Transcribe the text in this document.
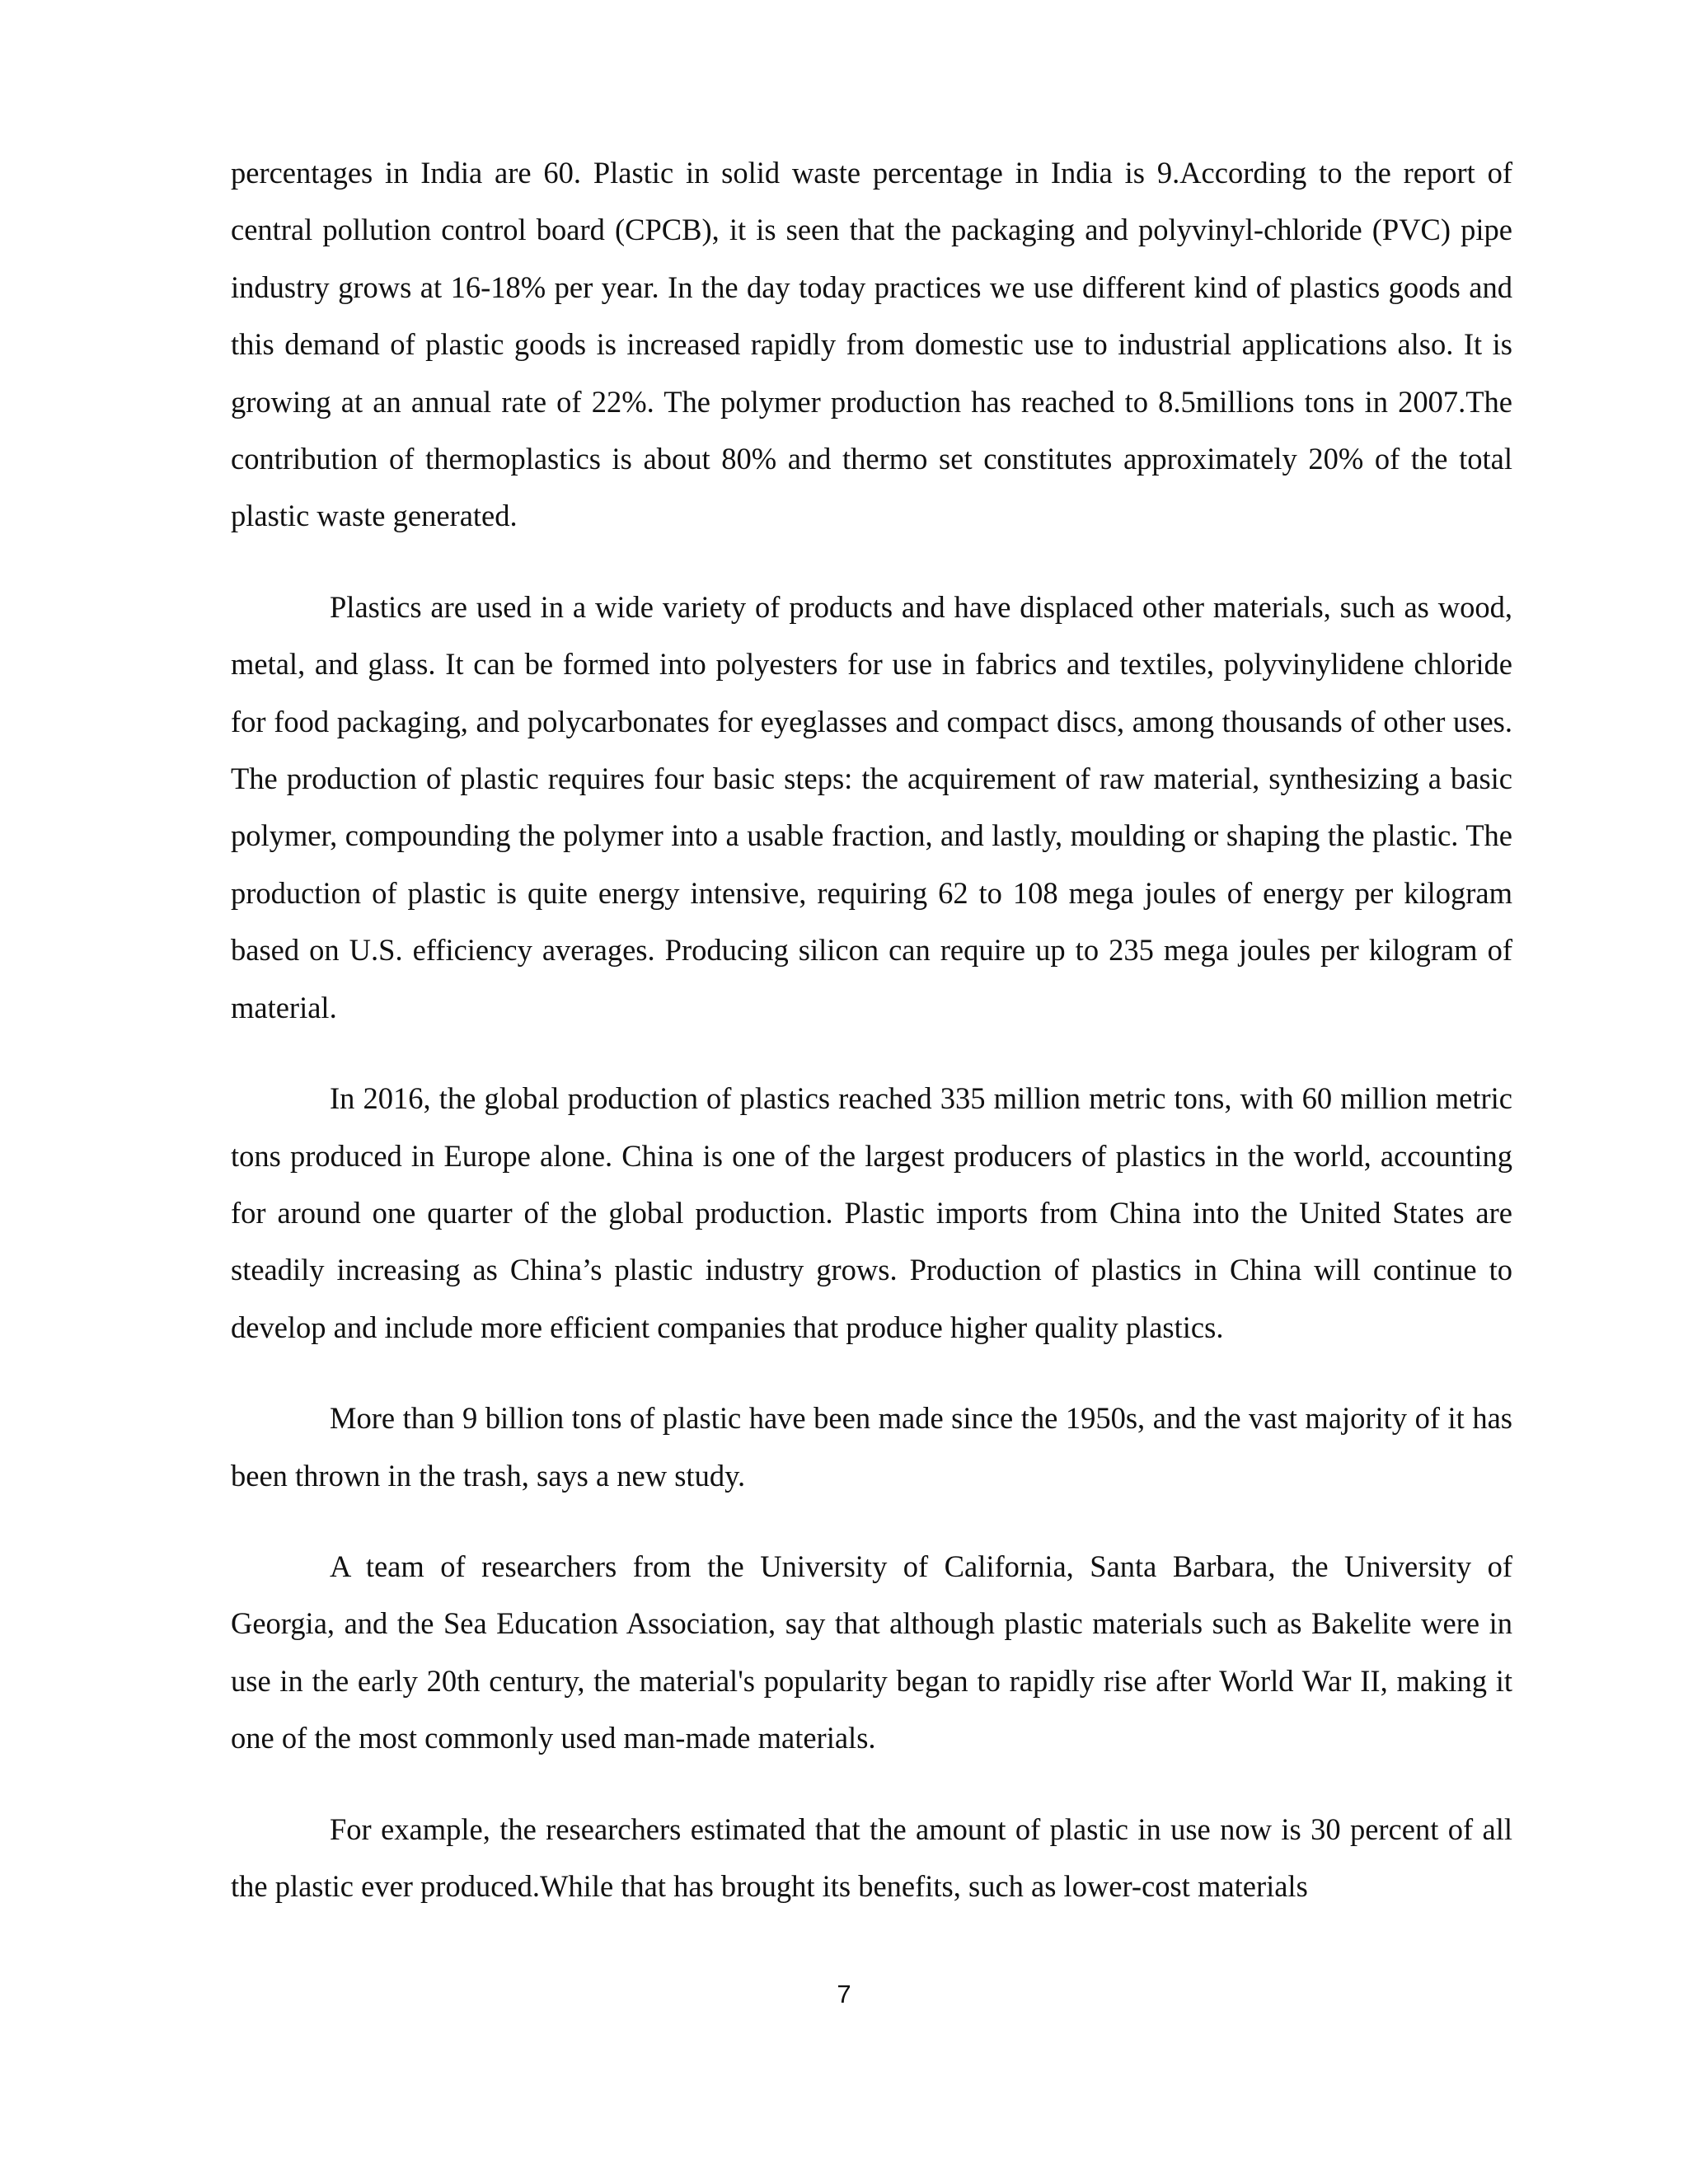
percentages in India are 60. Plastic in solid waste percentage in India is 9.According to the report of central pollution control board (CPCB), it is seen that the packaging and polyvinyl-chloride (PVC) pipe industry grows at 16-18% per year. In the day today practices we use different kind of plastics goods and this demand of plastic goods is increased rapidly from domestic use to industrial applications also. It is growing at an annual rate of 22%. The polymer production has reached to 8.5millions tons in 2007.The contribution of thermoplastics is about 80% and thermo set constitutes approximately 20% of the total plastic waste generated.

Plastics are used in a wide variety of products and have displaced other materials, such as wood, metal, and glass. It can be formed into polyesters for use in fabrics and textiles, polyvinylidene chloride for food packaging, and polycarbonates for eyeglasses and compact discs, among thousands of other uses. The production of plastic requires four basic steps: the acquirement of raw material, synthesizing a basic polymer, compounding the polymer into a usable fraction, and lastly, moulding or shaping the plastic. The production of plastic is quite energy intensive, requiring 62 to 108 mega joules of energy per kilogram based on U.S. efficiency averages. Producing silicon can require up to 235 mega joules per kilogram of material.

In 2016, the global production of plastics reached 335 million metric tons, with 60 million metric tons produced in Europe alone. China is one of the largest producers of plastics in the world, accounting for around one quarter of the global production. Plastic imports from China into the United States are steadily increasing as China’s plastic industry grows. Production of plastics in China will continue to develop and include more efficient companies that produce higher quality plastics.

More than 9 billion tons of plastic have been made since the 1950s, and the vast majority of it has been thrown in the trash, says a new study.

A team of researchers from the University of California, Santa Barbara, the University of Georgia, and the Sea Education Association, say that although plastic materials such as Bakelite were in use in the early 20th century, the material's popularity began to rapidly rise after World War II, making it one of the most commonly used man-made materials.

For example, the researchers estimated that the amount of plastic in use now is 30 percent of all the plastic ever produced.While that has brought its benefits, such as lower-cost materials

7
